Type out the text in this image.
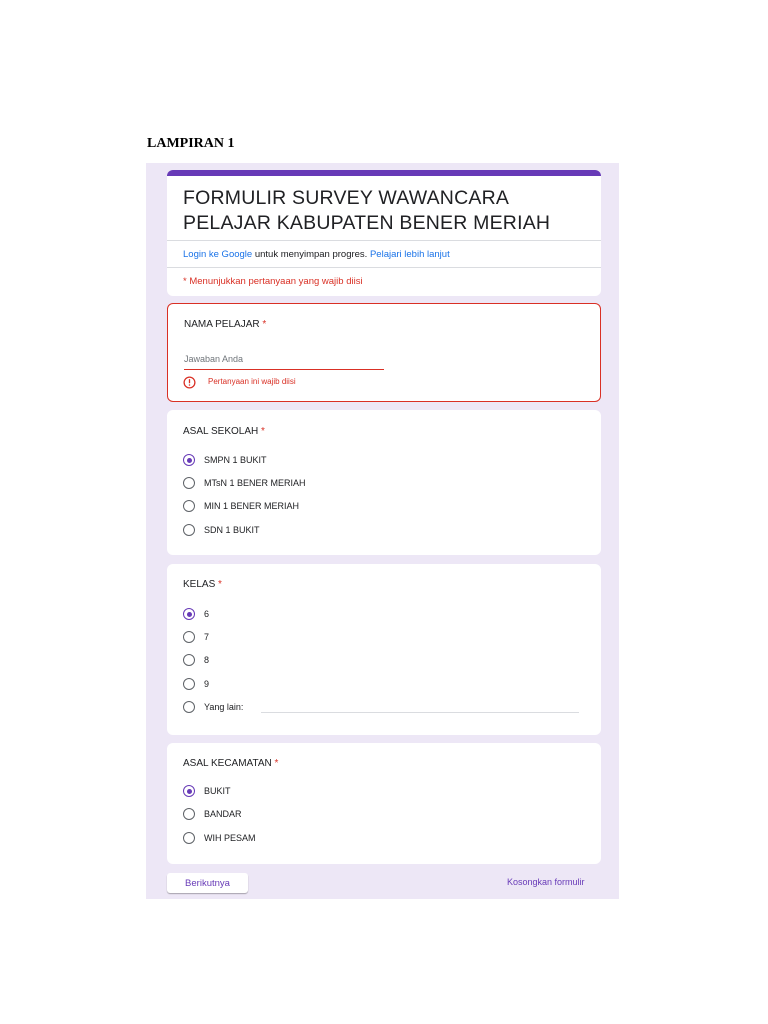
LAMPIRAN 1
FORMULIR SURVEY WAWANCARA
PELAJAR KABUPATEN BENER MERIAH
Login ke Google untuk menyimpan progres. Pelajari lebih lanjut
* Menunjukkan pertanyaan yang wajib diisi
NAMA PELAJAR *
Jawaban Anda
Pertanyaan ini wajib diisi
ASAL SEKOLAH *
SMPN 1 BUKIT
MTsN 1 BENER MERIAH
MIN 1 BENER MERIAH
SDN 1 BUKIT
KELAS *
6
7
8
9
Yang lain:
ASAL KECAMATAN *
BUKIT
BANDAR
WIH PESAM
Berikutnya	Kosongkan formulir
